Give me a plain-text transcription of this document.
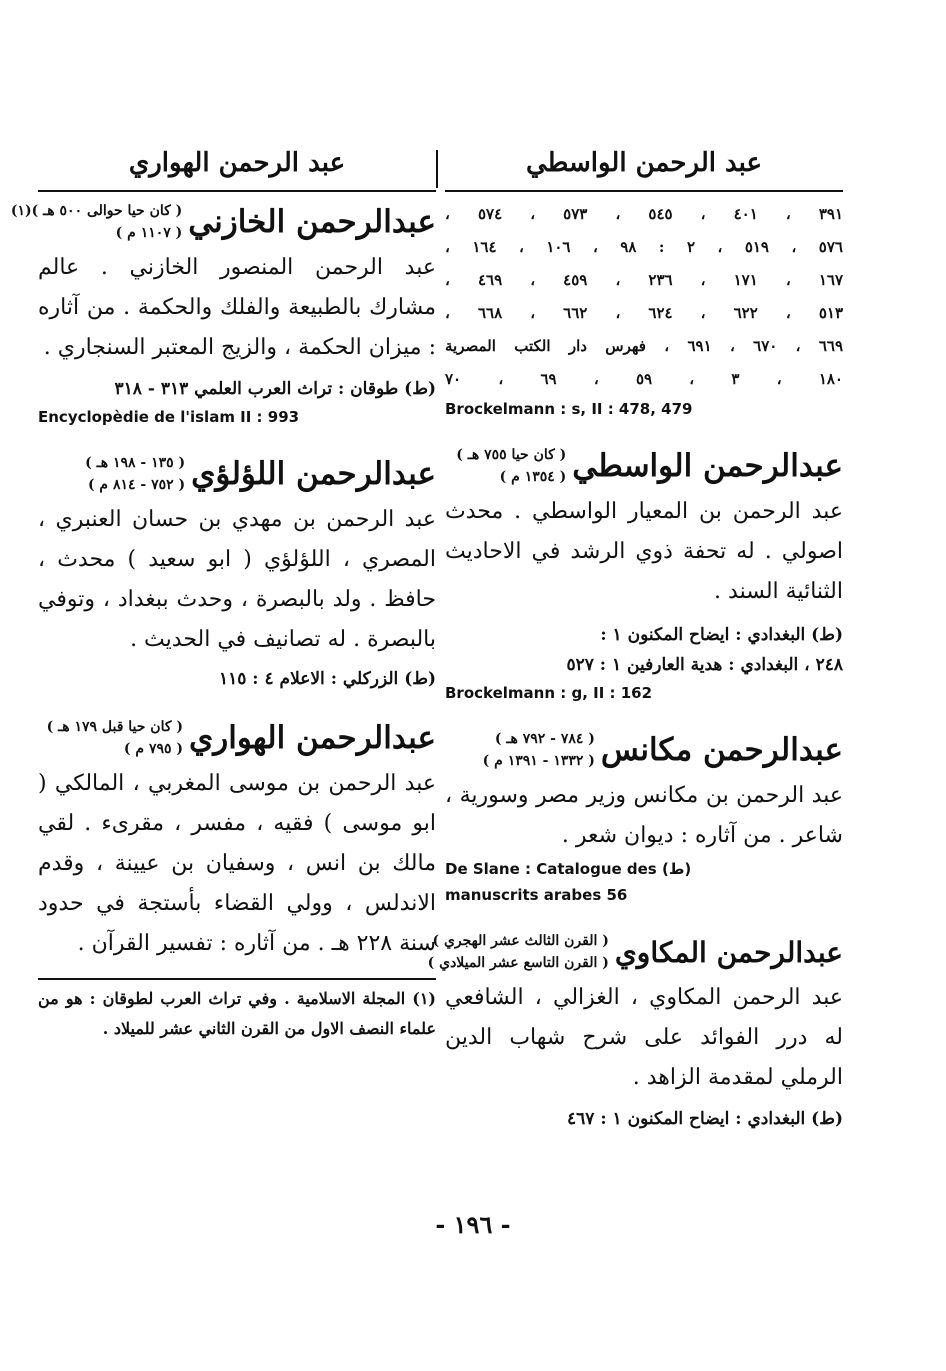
عبد الرحمن الواسطي
٣٩١ ، ٤٠١ ، ٥٤٥ ، ٥٧٣ ، ٥٧٤ ،
٥٧٦ ، ٥١٩ ، ٢ : ٩٨ ، ١٠٦ ، ١٦٤ ،
١٦٧ ، ١٧١ ، ٢٣٦ ، ٤٥٩ ، ٤٦٩ ،
٥١٣ ، ٦٢٢ ، ٦٢٤ ، ٦٦٢ ، ٦٦٨ ،
٦٦٩ ، ٦٧٠ ، ٦٩١ ، فهرس دار الكتب المصرية
١٨٠ ، ٣ ، ٥٩ ، ٦٩ ، ٧٠
Brockelmann : s, II : 478, 479
عبدالرحمن الواسطي
( كان حيا ٧٥٥ هـ )
( ١٣٥٤ م )
عبد الرحمن بن المعيار الواسطي . محدث اصولي . له تحفة ذوي الرشد في الاحاديث الثنائية السند .
(ط) البغدادي : ايضاح المكنون ١ :
٢٤٨ ، البغدادي : هدية العارفين ١ : ٥٢٧
Brockelmann : g, II : 162
عبدالرحمن مكانس
( ٧٨٤ - ٧٩٢ هـ )
( ١٣٣٢ - ١٣٩١ م )
عبد الرحمن بن مكانس وزير مصر وسورية ، شاعر . من آثاره : ديوان شعر .
De Slane : Catalogue des (ط) manuscrits arabes 56
عبدالرحمن المكاوي
( القرن الثالث عشر الهجري )
( القرن التاسع عشر الميلادي )
عبد الرحمن المكاوي ، الغزالي ، الشافعي له درر الفوائد على شرح شهاب الدين الرملي لمقدمة الزاهد .
(ط) البغدادي : ايضاح المكنون ١ : ٤٦٧
عبد الرحمن الهواري
عبدالرحمن الخازني
( كان حيا حوالى ٥٠٠ هـ )(١)
( ١١٠٧ م )
عبد الرحمن المنصور الخازني . عالم مشارك بالطبيعة والفلك والحكمة . من آثاره : ميزان الحكمة ، والزيج المعتبر السنجاري .
(ط) طوقان : تراث العرب العلمي ٣١٣ - ٣١٨
Encyclopèdie de l'islam II : 993
عبدالرحمن اللؤلؤي
( ١٣٥ - ١٩٨ هـ )
( ٧٥٢ - ٨١٤ م )
عبد الرحمن بن مهدي بن حسان العنبري ، المصري ، اللؤلؤي ( ابو سعيد ) محدث ، حافظ . ولد بالبصرة ، وحدث ببغداد ، وتوفي بالبصرة . له تصانيف في الحديث .
(ط) الزركلي : الاعلام ٤ : ١١٥
عبدالرحمن الهواري
( كان حيا قبل ١٧٩ هـ )
( ٧٩٥ م )
عبد الرحمن بن موسى المغربي ، المالكي ( ابو موسى ) فقيه ، مفسر ، مقرىء . لقي مالك بن انس ، وسفيان بن عيينة ، وقدم الاندلس ، وولي القضاء بأستجة في حدود سنة ٢٢٨ هـ . من آثاره : تفسير القرآن .
(١) المجلة الاسلامية . وفي تراث العرب لطوقان : هو من علماء النصف الاول من القرن الثاني عشر للميلاد .
- ١٩٦ -
